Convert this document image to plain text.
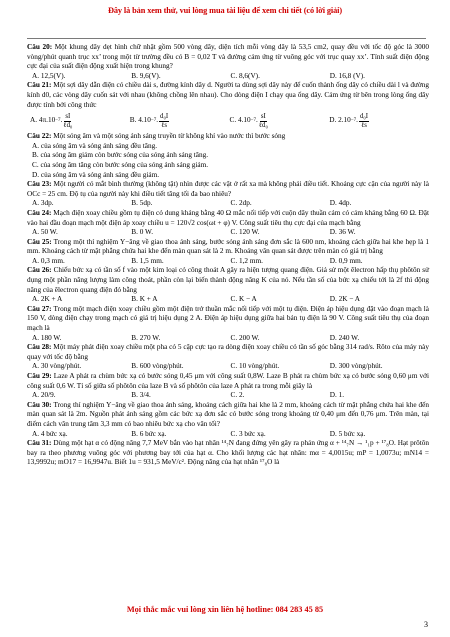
Đây là bản xem thử, vui lòng mua tài liệu để xem chi tiết (có lời giải)

Câu 20: Một khung dây dẹt hình chữ nhật gồm 500 vòng dây, diện tích mỗi vòng dây là 53,5 cm2, quay đều với tốc độ góc là 3000 vòng/phút quanh trục xx’ trong một từ trường đều có B = 0,02 T và đường cảm ứng từ vuông góc với trục quay xx’. Tính suất điện động cực đại của suất điện động xuất hiện trong khung?

A. 12,5(V).	B. 9,6(V).	C. 8,6(V).	D. 16,8 (V).

Câu 21: Một sợi dây dẫn điện có chiều dài s, đường kính dây d. Người ta dùng sợi dây này để cuốn thành ống dây có chiều dài l và đường kính d0, các vòng dây cuốn sát với nhau (không chồng lên nhau). Cho dòng điện I chạy qua ống dây. Cảm ứng từ bên trong lòng ống dây được tính bởi công thức

A. 4π.10 −7 . $\frac{sI}{\text{ℓd₀}}$	B. 4.10 −7 . $\frac{\text{d₀I}}{\text{ℓs}}$	C. 4.10 −7 . $\frac{sI}{\text{ℓd₀}}$	D. 2.10 −7 . $\frac{\text{d₀I}}{\text{ℓs}}$

Câu 22: Một sóng âm và một sóng ánh sáng truyền từ không khí vào nước thì bước sóng

A. của sóng âm và sóng ánh sáng đều tăng.
B. của sóng âm giảm còn bước sóng của sóng ánh sáng tăng.
C. của sóng âm tăng còn bước sóng của sóng ánh sáng giảm.
D. của sóng âm và sóng ánh sáng đều giảm.

Câu 23: Một người có mắt bình thường (không tật) nhìn được các vật ở rất xa mà không phải điều tiết. Khoảng cực cận của người này là OCc = 25 cm. Độ tụ của người này khi điều tiết tăng tối đa bao nhiêu?

A. 3dp.	B. 5dp.	C. 2dp.	D. 4dp.

Câu 24: Mạch điện xoay chiều gồm tụ điện có dung kháng bằng 40 Ω mắc nối tiếp với cuộn dây thuần cảm có cảm kháng bằng 60 Ω. Đặt vào hai đầu đoạn mạch một điện áp xoay chiều u = 120√2 cos(ωt + φ) V. Công suất tiêu thụ cực đại của mạch bằng

A. 50 W.	B. 0 W.	C. 120 W.	D. 36 W.

Câu 25: Trong một thí nghiệm Y−âng về giao thoa ánh sáng, bước sóng ánh sáng đơn sắc là 600 nm, khoảng cách giữa hai khe hẹp là 1 mm. Khoảng cách từ mặt phẳng chứa hai khe đến màn quan sát là 2 m. Khoảng vân quan sát được trên màn có giá trị bằng

A. 0,3 mm.	B. 1,5 mm.	C. 1,2 mm.	D. 0,9 mm.

Câu 26: Chiếu bức xạ có tần số f vào một kim loại có công thoát A gây ra hiện tượng quang điện. Giả sử một êlectron hấp thụ phôtôn sử dụng một phần năng lượng làm công thoát, phần còn lại biến thành động năng K của nó. Nếu tần số của bức xạ chiếu tới là 2f thì động năng của êlectron quang điện đó bằng

A. 2K + A	B. K + A	C. K − A	D. 2K − A

Câu 27: Trong một mạch điện xoay chiều gồm một điện trở thuần mắc nối tiếp với một tụ điện. Điện áp hiệu dụng đặt vào đoạn mạch là 150 V, dòng điện chạy trong mạch có giá trị hiệu dụng 2 A. Điện áp hiệu dụng giữa hai bản tụ điện là 90 V. Công suất tiêu thụ của đoạn mạch là

A. 180 W.	B. 270 W.	C. 200 W.	D. 240 W.

Câu 28: Một máy phát điện xoay chiều một pha có 5 cặp cực tạo ra dòng điện xoay chiều có tần số góc bằng 314 rad/s. Rôto của máy này quay với tốc độ bằng

A. 30 vòng/phút.	B. 600 vòng/phút.	C. 10 vòng/phút.	D. 300 vòng/phút.

Câu 29: Laze A phát ra chùm bức xạ có bước sóng 0,45 μm với công suất 0,8W. Laze B phát ra chùm bức xạ có bước sóng 0,60 μm với công suất 0,6 W. Tỉ số giữa số phôtôn của laze B và số phôtôn của laze A phát ra trong mỗi giây là

A. 20/9.	B. 3/4.	C. 2.	D. 1.

Câu 30: Trong thí nghiệm Y−âng về giao thoa ánh sáng, khoảng cách giữa hai khe là 2 mm, khoảng cách từ mặt phẳng chứa hai khe đến màn quan sát là 2m. Nguồn phát ánh sáng gồm các bức xạ đơn sắc có bước sóng trong khoảng từ 0,40 μm đến 0,76 μm. Trên màn, tại điểm cách vân trung tâm 3,3 mm có bao nhiêu bức xạ cho vân tối?

A. 4 bức xạ.	B. 6 bức xạ.	C. 3 bức xạ.	D. 5 bức xạ.

Câu 31: Dùng một hạt α có động năng 7,7 MeV bắn vào hạt nhân ¹⁴₇N đang đứng yên gây ra phản ứng α + ¹⁴₇N → ¹₁p + ¹⁷₈O. Hạt prôtôn bay ra theo phương vuông góc với phương bay tới của hạt α. Cho khối lượng các hạt nhân: mα = 4,0015u; mP = 1,0073u; mN14 = 13,9992u; mO17 = 16,9947u. Biết 1u = 931,5 MeV/c². Động năng của hạt nhân ¹⁷₈O là

Mọi thắc mắc vui lòng xin liên hệ hotline: 084 283 45 85
3
